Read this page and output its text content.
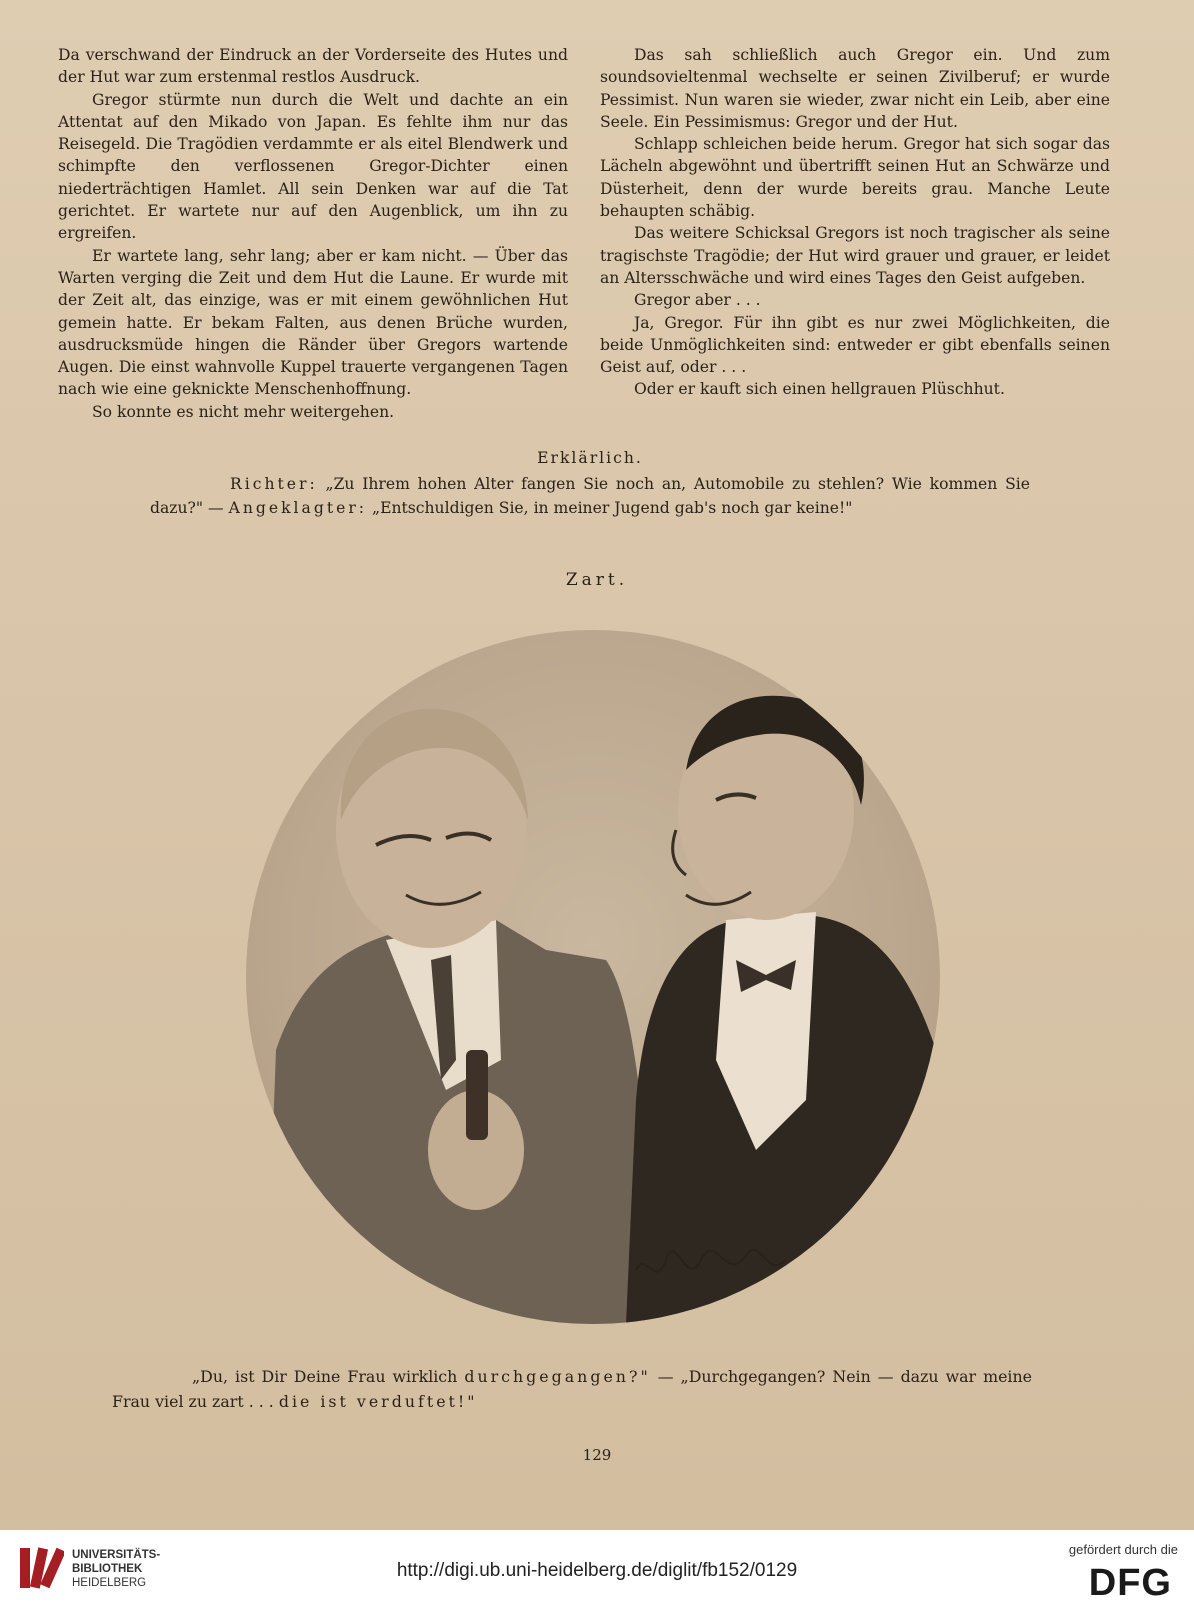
Da verschwand der Eindruck an der Vorderseite des Hutes und der Hut war zum erstenmal restlos Ausdruck.

Gregor stürmte nun durch die Welt und dachte an ein Attentat auf den Mikado von Japan. Es fehlte ihm nur das Reisegeld. Die Tragödien verdammte er als eitel Blendwerk und schimpfte den verflossenen Gregor-Dichter einen niederträchtigen Hamlet. All sein Denken war auf die Tat gerichtet. Er wartete nur auf den Augenblick, um ihn zu ergreifen.

Er wartete lang, sehr lang; aber er kam nicht. — Über das Warten verging die Zeit und dem Hut die Laune. Er wurde mit der Zeit alt, das einzige, was er mit einem gewöhnlichen Hut gemein hatte. Er bekam Falten, aus denen Brüche wurden, ausdrucksmüde hingen die Ränder über Gregors wartende Augen. Die einst wahnvolle Kuppel trauerte vergangenen Tagen nach wie eine geknickte Menschenhoffnung.

So konnte es nicht mehr weitergehen.

Das sah schließlich auch Gregor ein. Und zum soundsovieltenmal wechselte er seinen Zivilberuf; er wurde Pessimist. Nun waren sie wieder, zwar nicht ein Leib, aber eine Seele. Ein Pessimismus: Gregor und der Hut.

Schlapp schleichen beide herum. Gregor hat sich sogar das Lächeln abgewöhnt und übertrifft seinen Hut an Schwärze und Düsterheit, denn der wurde bereits grau. Manche Leute behaupten schäbig.

Das weitere Schicksal Gregors ist noch tragischer als seine tragischste Tragödie; der Hut wird grauer und grauer, er leidet an Altersschwäche und wird eines Tages den Geist aufgeben.

Gregor aber . . .

Ja, Gregor. Für ihn gibt es nur zwei Möglichkeiten, die beide Unmöglichkeiten sind: entweder er gibt ebenfalls seinen Geist auf, oder . . .

Oder er kauft sich einen hellgrauen Plüschhut.

Erklärlich.
Richter: „Zu Ihrem hohen Alter fangen Sie noch an, Automobile zu stehlen? Wie kommen Sie dazu?" — Angeklagter: „Entschuldigen Sie, in meiner Jugend gab's noch gar keine!"
Zart.
„Du, ist Dir Deine Frau wirklich durchgegangen?" — „Durchgegangen? Nein — dazu war meine Frau viel zu zart . . . die ist verduftet!"
129
UNIVERSITÄTS-
BIBLIOTHEK
HEIDELBERG
http://digi.ub.uni-heidelberg.de/diglit/fb152/0129
gefördert durch die
DFG
